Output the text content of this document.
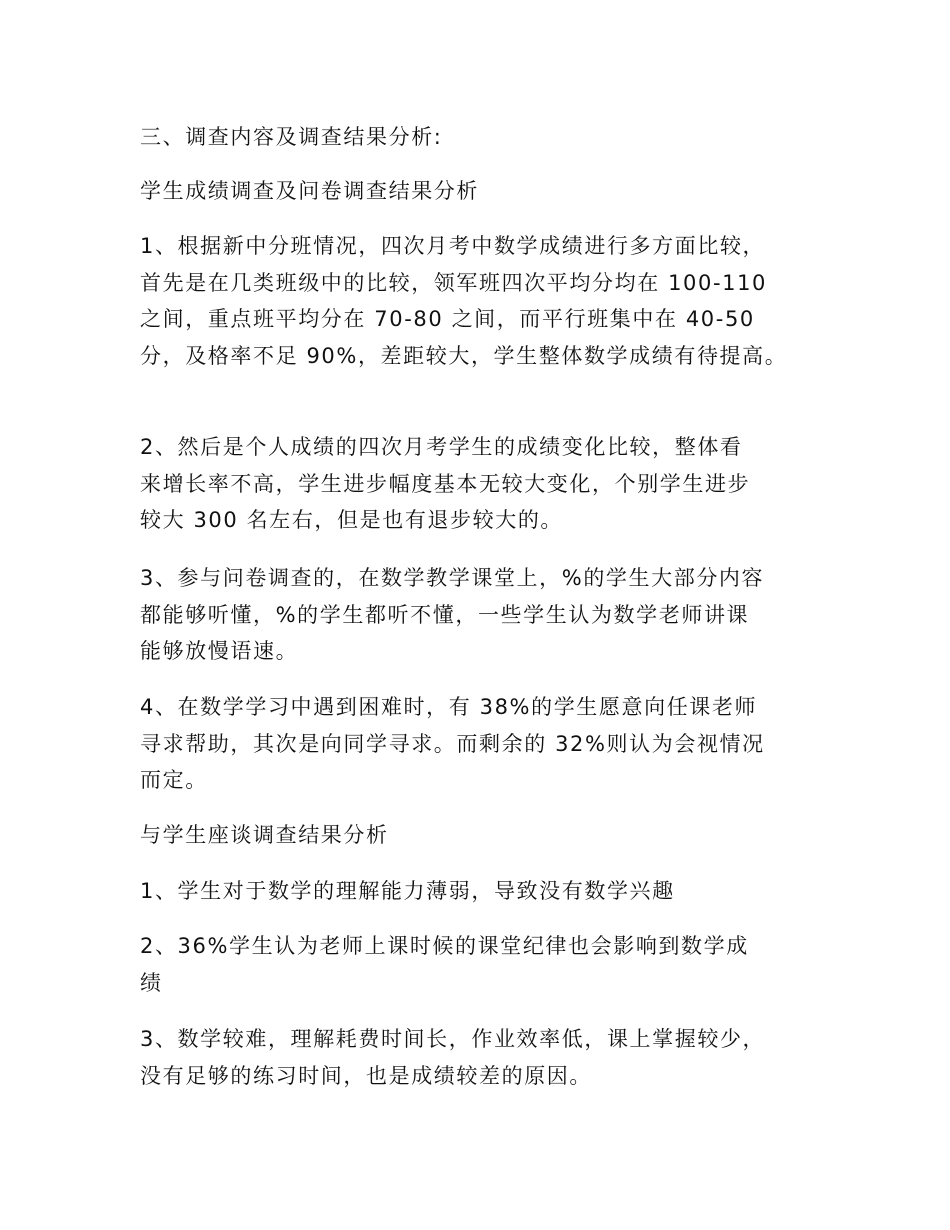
三、调查内容及调查结果分析:
学生成绩调查及问卷调查结果分析
1、根据新中分班情况，四次月考中数学成绩进行多方面比较，
首先是在几类班级中的比较，领军班四次平均分均在 100-110
之间，重点班平均分在 70-80 之间，而平行班集中在 40-50
分，及格率不足 90%，差距较大，学生整体数学成绩有待提高。
2、然后是个人成绩的四次月考学生的成绩变化比较，整体看
来增长率不高，学生进步幅度基本无较大变化，个别学生进步
较大 300 名左右，但是也有退步较大的。
3、参与问卷调查的，在数学教学课堂上，%的学生大部分内容
都能够听懂，%的学生都听不懂，一些学生认为数学老师讲课
能够放慢语速。
4、在数学学习中遇到困难时，有 38%的学生愿意向任课老师
寻求帮助，其次是向同学寻求。而剩余的 32%则认为会视情况
而定。
与学生座谈调查结果分析
1、学生对于数学的理解能力薄弱，导致没有数学兴趣
2、36%学生认为老师上课时候的课堂纪律也会影响到数学成
绩
3、数学较难，理解耗费时间长，作业效率低，课上掌握较少，
没有足够的练习时间，也是成绩较差的原因。
